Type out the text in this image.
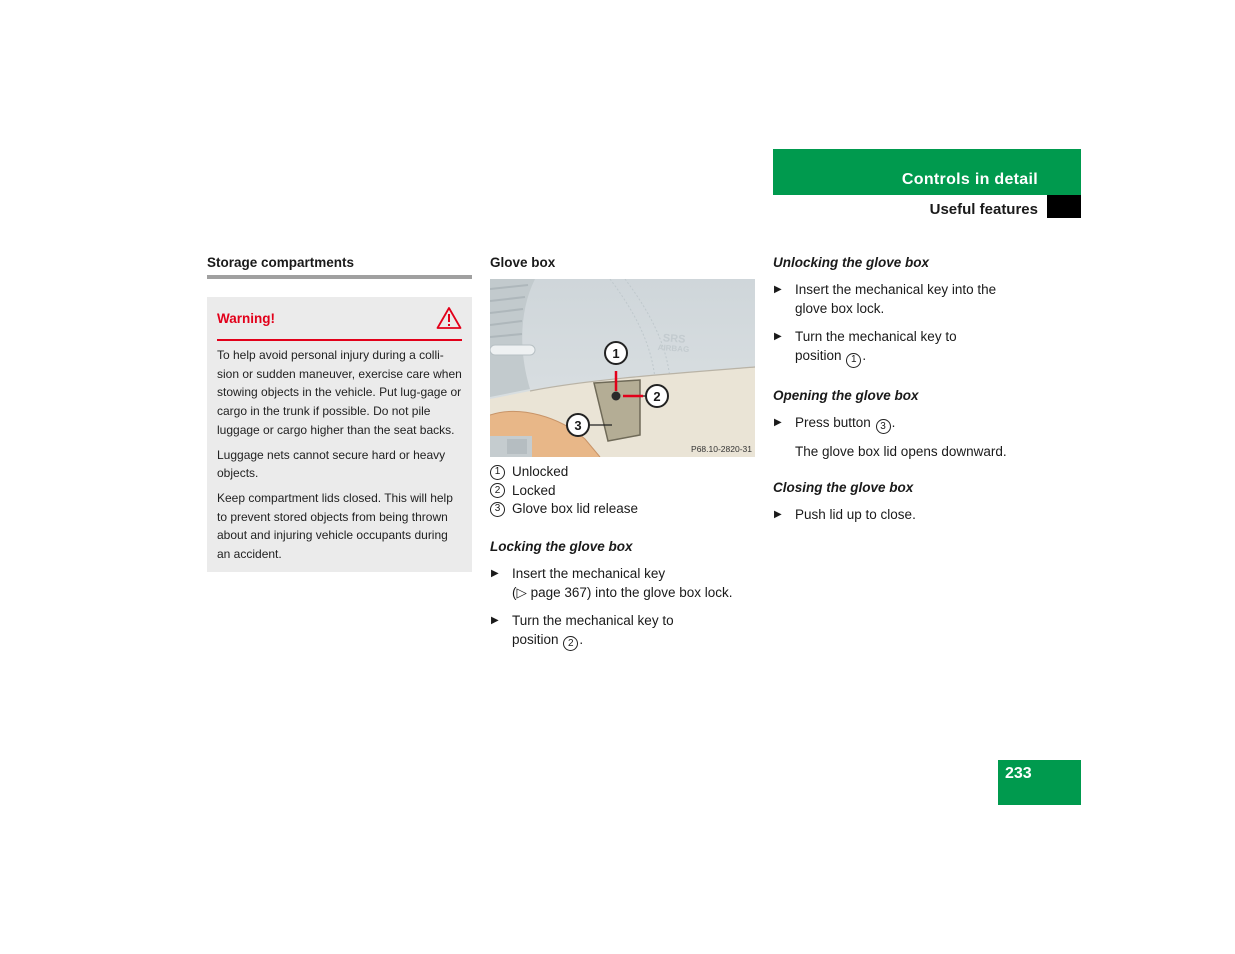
Controls in detail
Useful features
Storage compartments
Warning!

To help avoid personal injury during a colli-sion or sudden maneuver, exercise care when stowing objects in the vehicle. Put lug-gage or cargo in the trunk if possible. Do not pile luggage or cargo higher than the seat backs.

Luggage nets cannot secure hard or heavy objects.

Keep compartment lids closed. This will help to prevent stored objects from being thrown about and injuring vehicle occupants during an accident.

Glove box
SRS
AIRBAG
1
2
3
P68.10-2820-31
1 Unlocked
2 Locked
3 Glove box lid release
Locking the glove box
▶ Insert the mechanical key
(▷ page 367) into the glove box lock.
▶ Turn the mechanical key to
position 2 .
Unlocking the glove box
▶ Insert the mechanical key into the glove box lock.
▶ Turn the mechanical key to
position 1 .
Opening the glove box
▶ Press button 3 .
The glove box lid opens downward.
Closing the glove box
▶ Push lid up to close.
233
